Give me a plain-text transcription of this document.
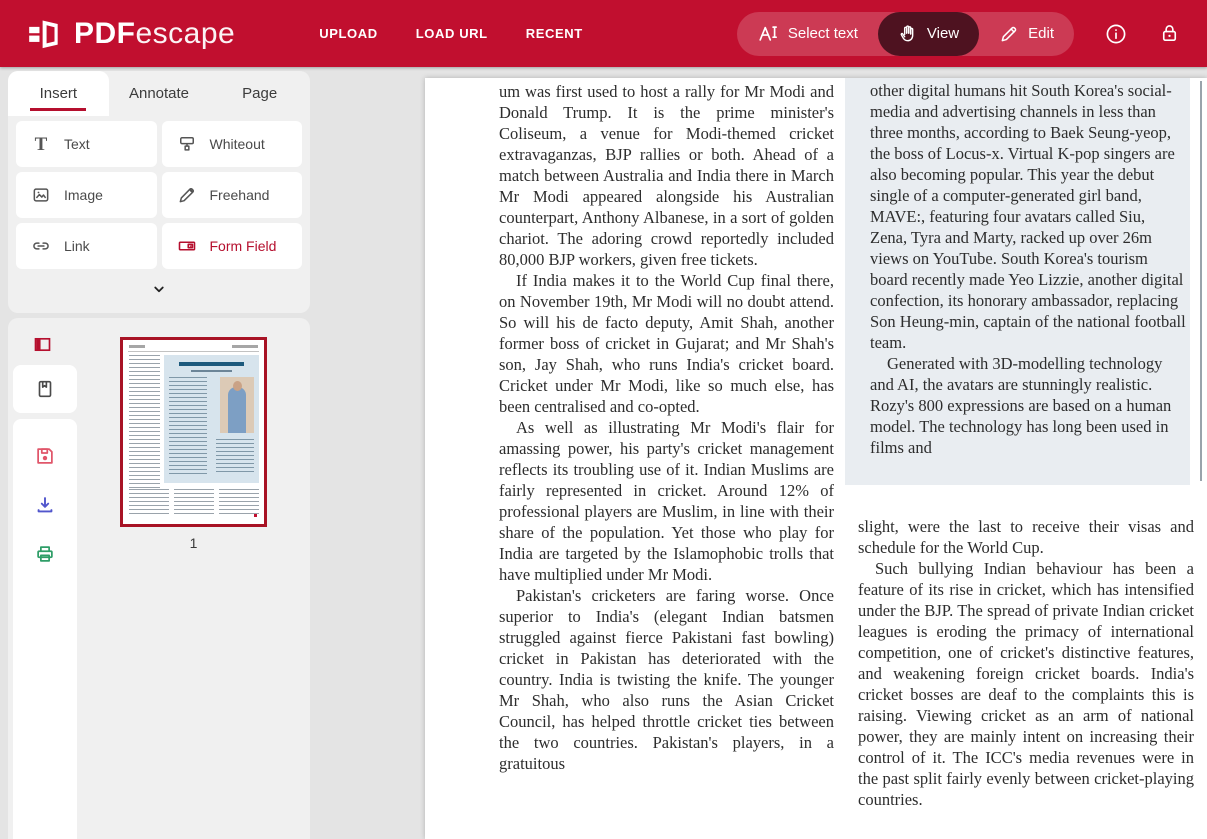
PDFescape	UPLOAD	LOAD URL	RECENT	Select text	View	Edit

um was first used to host a rally for Mr Modi and Donald Trump. It is the prime minister's Coliseum, a venue for Modi-themed cricket extravaganzas, BJP rallies or both. Ahead of a match between Australia and India there in March Mr Modi appeared alongside his Australian counterpart, Anthony Albanese, in a sort of golden chariot. The adoring crowd reportedly included 80,000 BJP workers, given free tickets.

If India makes it to the World Cup final there, on November 19th, Mr Modi will no doubt attend. So will his de facto deputy, Amit Shah, another former boss of cricket in Gujarat; and Mr Shah's son, Jay Shah, who runs India's cricket board. Cricket under Mr Modi, like so much else, has been centralised and co-opted.

As well as illustrating Mr Modi's flair for amassing power, his party's cricket management reflects its troubling use of it. Indian Muslims are fairly represented in cricket. Around 12% of professional players are Muslim, in line with their share of the population. Yet those who play for India are targeted by the Islamophobic trolls that have multiplied under Mr Modi.

Pakistan's cricketers are faring worse. Once superior to India's (elegant Indian batsmen struggled against fierce Pakistani fast bowling) cricket in Pakistan has deteriorated with the country. India is twisting the knife. The younger Mr Shah, who also runs the Asian Cricket Council, has helped throttle cricket ties between the two countries. Pakistan's players, in a gratuitous

other digital humans hit South Korea's social-media and advertising channels in less than three months, according to Baek Seung-yeop, the boss of Locus-x. Virtual K-pop singers are also becoming popular. This year the debut single of a computer-generated girl band, MAVE:, featuring four avatars called Siu, Zena, Tyra and Marty, racked up over 26m views on YouTube. South Korea's tourism board recently made Yeo Lizzie, another digital confection, its honorary ambassador, replacing Son Heung-min, captain of the national football team.

Generated with 3D-modelling technology and AI, the avatars are stunningly realistic. Rozy's 800 expressions are based on a human model. The technology has long been used in films and

slight, were the last to receive their visas and schedule for the World Cup.

Such bullying Indian behaviour has been a feature of its rise in cricket, which has intensified under the BJP. The spread of private Indian cricket leagues is eroding the primacy of international competition, one of cricket's distinctive features, and weakening foreign cricket boards. India's cricket bosses are deaf to the complaints this is raising. Viewing cricket as an arm of national power, they are mainly intent on increasing their control of it. The ICC's media revenues were in the past split fairly evenly between cricket-playing countries.

Insert	Annotate	Page
T Text	Whiteout
Image	Freehand
Link	Form Field
1
